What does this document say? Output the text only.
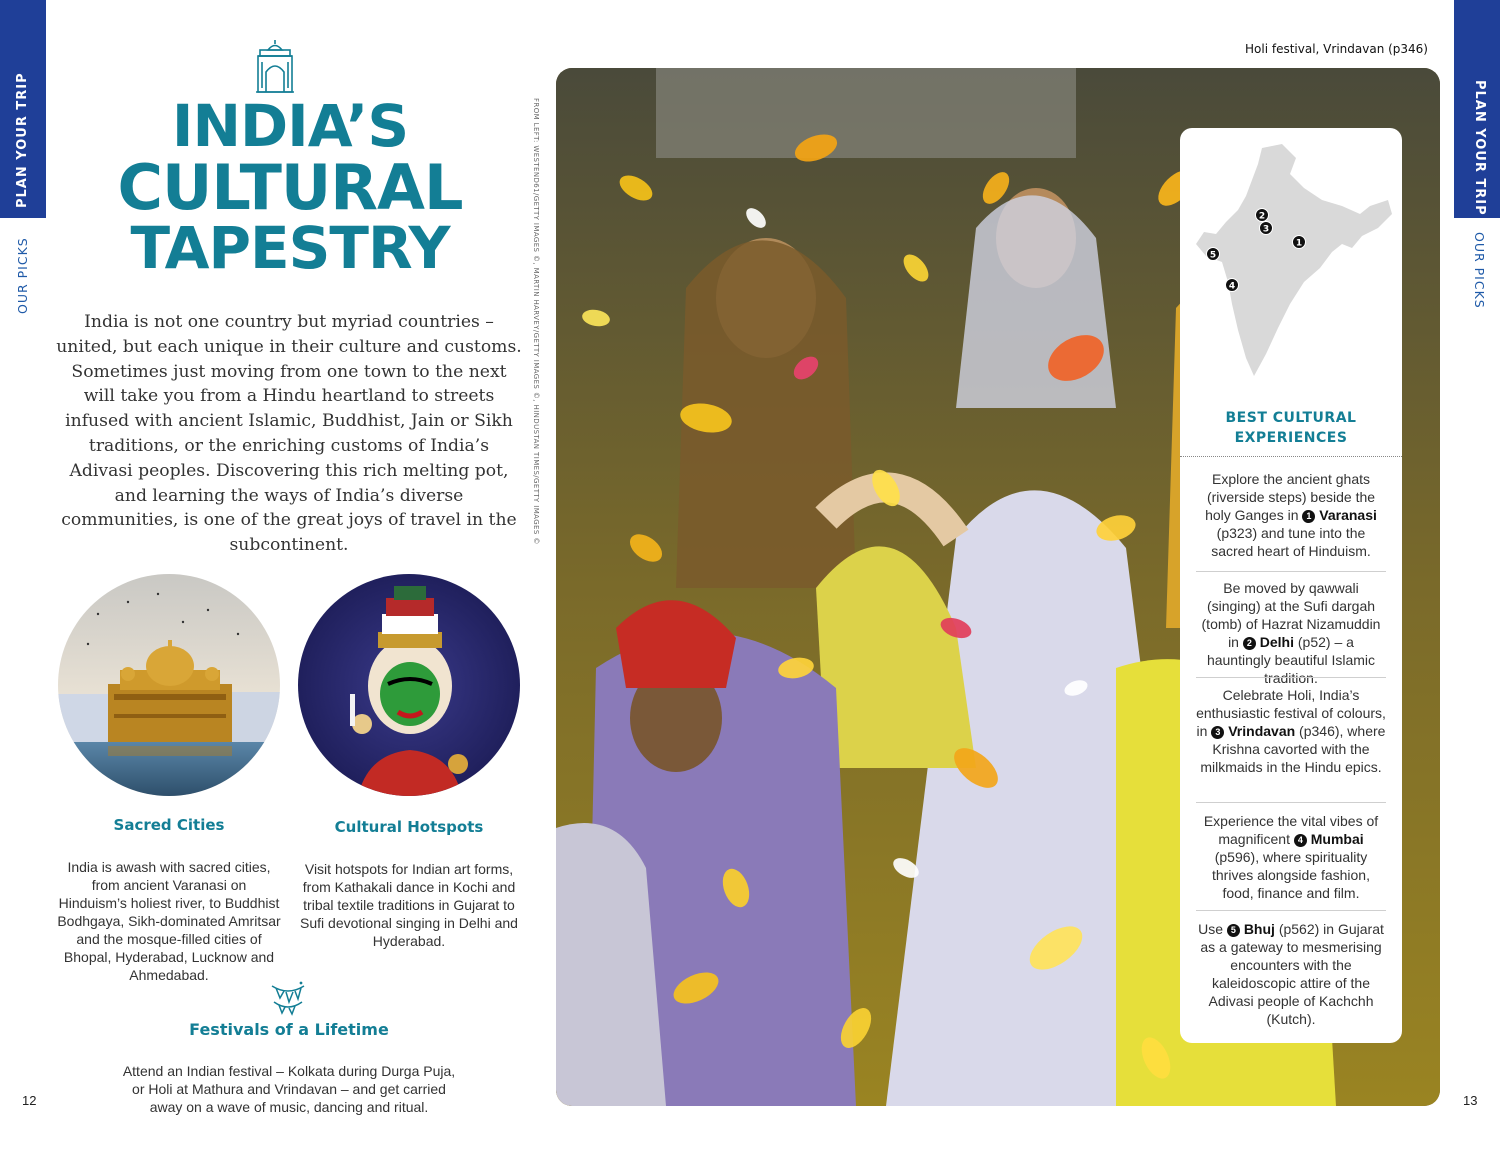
PLAN YOUR TRIP
OUR PICKS
12
PLAN YOUR TRIP
OUR PICKS
13
INDIA’S
CULTURAL
TAPESTRY
India is not one country but myriad countries – united, but each unique in their culture and customs. Sometimes just moving from one town to the next will take you from a Hindu heartland to streets infused with ancient Islamic, Buddhist, Jain or Sikh traditions, or the enriching customs of India’s Adivasi peoples. Discovering this rich melting pot, and learning the ways of India’s diverse communities, is one of the great joys of travel in the subcontinent.
Sacred Cities
India is awash with sacred cities, from ancient Varanasi on Hinduism’s holiest river, to Buddhist Bodhgaya, Sikh-dominated Amritsar and the mosque-filled cities of Bhopal, Hyderabad, Lucknow and Ahmedabad.
Cultural Hotspots
Visit hotspots for Indian art forms, from Kathakali dance in Kochi and tribal textile traditions in Gujarat to Sufi devotional singing in Delhi and Hyderabad.
Festivals of a Lifetime
Attend an Indian festival – Kolkata during Durga Puja, or Holi at Mathura and Vrindavan – and get carried away on a wave of music, dancing and ritual.
FROM LEFT: WESTEND61/GETTY IMAGES ©, MARTIN HARVEY/GETTY IMAGES ©, HINDUSTAN TIMES/GETTY IMAGES ©
Holi festival, Vrindavan (p346)
1
2
3
4
5
BEST CULTURAL EXPERIENCES
Explore the ancient ghats (riverside steps) beside the holy Ganges in 1 Varanasi (p323) and tune into the sacred heart of Hinduism.
Be moved by qawwali (singing) at the Sufi dargah (tomb) of Hazrat Nizamuddin in 2 Delhi (p52) – a hauntingly beautiful Islamic tradition.
Celebrate Holi, India’s enthusiastic festival of colours, in 3 Vrindavan (p346), where Krishna cavorted with the milkmaids in the Hindu epics.
Experience the vital vibes of magnificent 4 Mumbai (p596), where spirituality thrives alongside fashion, food, finance and film.
Use 5 Bhuj (p562) in Gujarat as a gateway to mesmerising encounters with the kaleidoscopic attire of the Adivasi people of Kachchh (Kutch).
